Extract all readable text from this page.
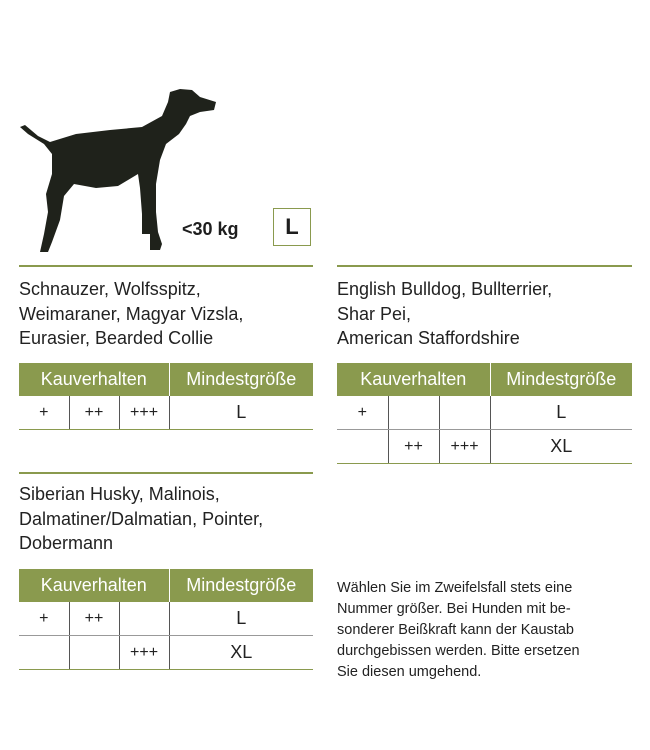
<30 kg L
Schnauzer, Wolfsspitz,
Weimaraner, Magyar Vizsla,
Eurasier, Bearded Collie
Kauverhalten			Mindestgröße
+	++	+++	L
English Bulldog, Bullterrier,
Shar Pei,
American Staffordshire
Kauverhalten			Mindestgröße
+			L
	++	+++	XL
Siberian Husky, Malinois,
Dalmatiner/Dalmatian, Pointer,
Dobermann
Kauverhalten			Mindestgröße
+	++		L
		+++	XL
Wählen Sie im Zweifelsfall stets eine
Nummer größer. Bei Hunden mit be-
sonderer Beißkraft kann der Kaustab
durchgebissen werden. Bitte ersetzen
Sie diesen umgehend.
